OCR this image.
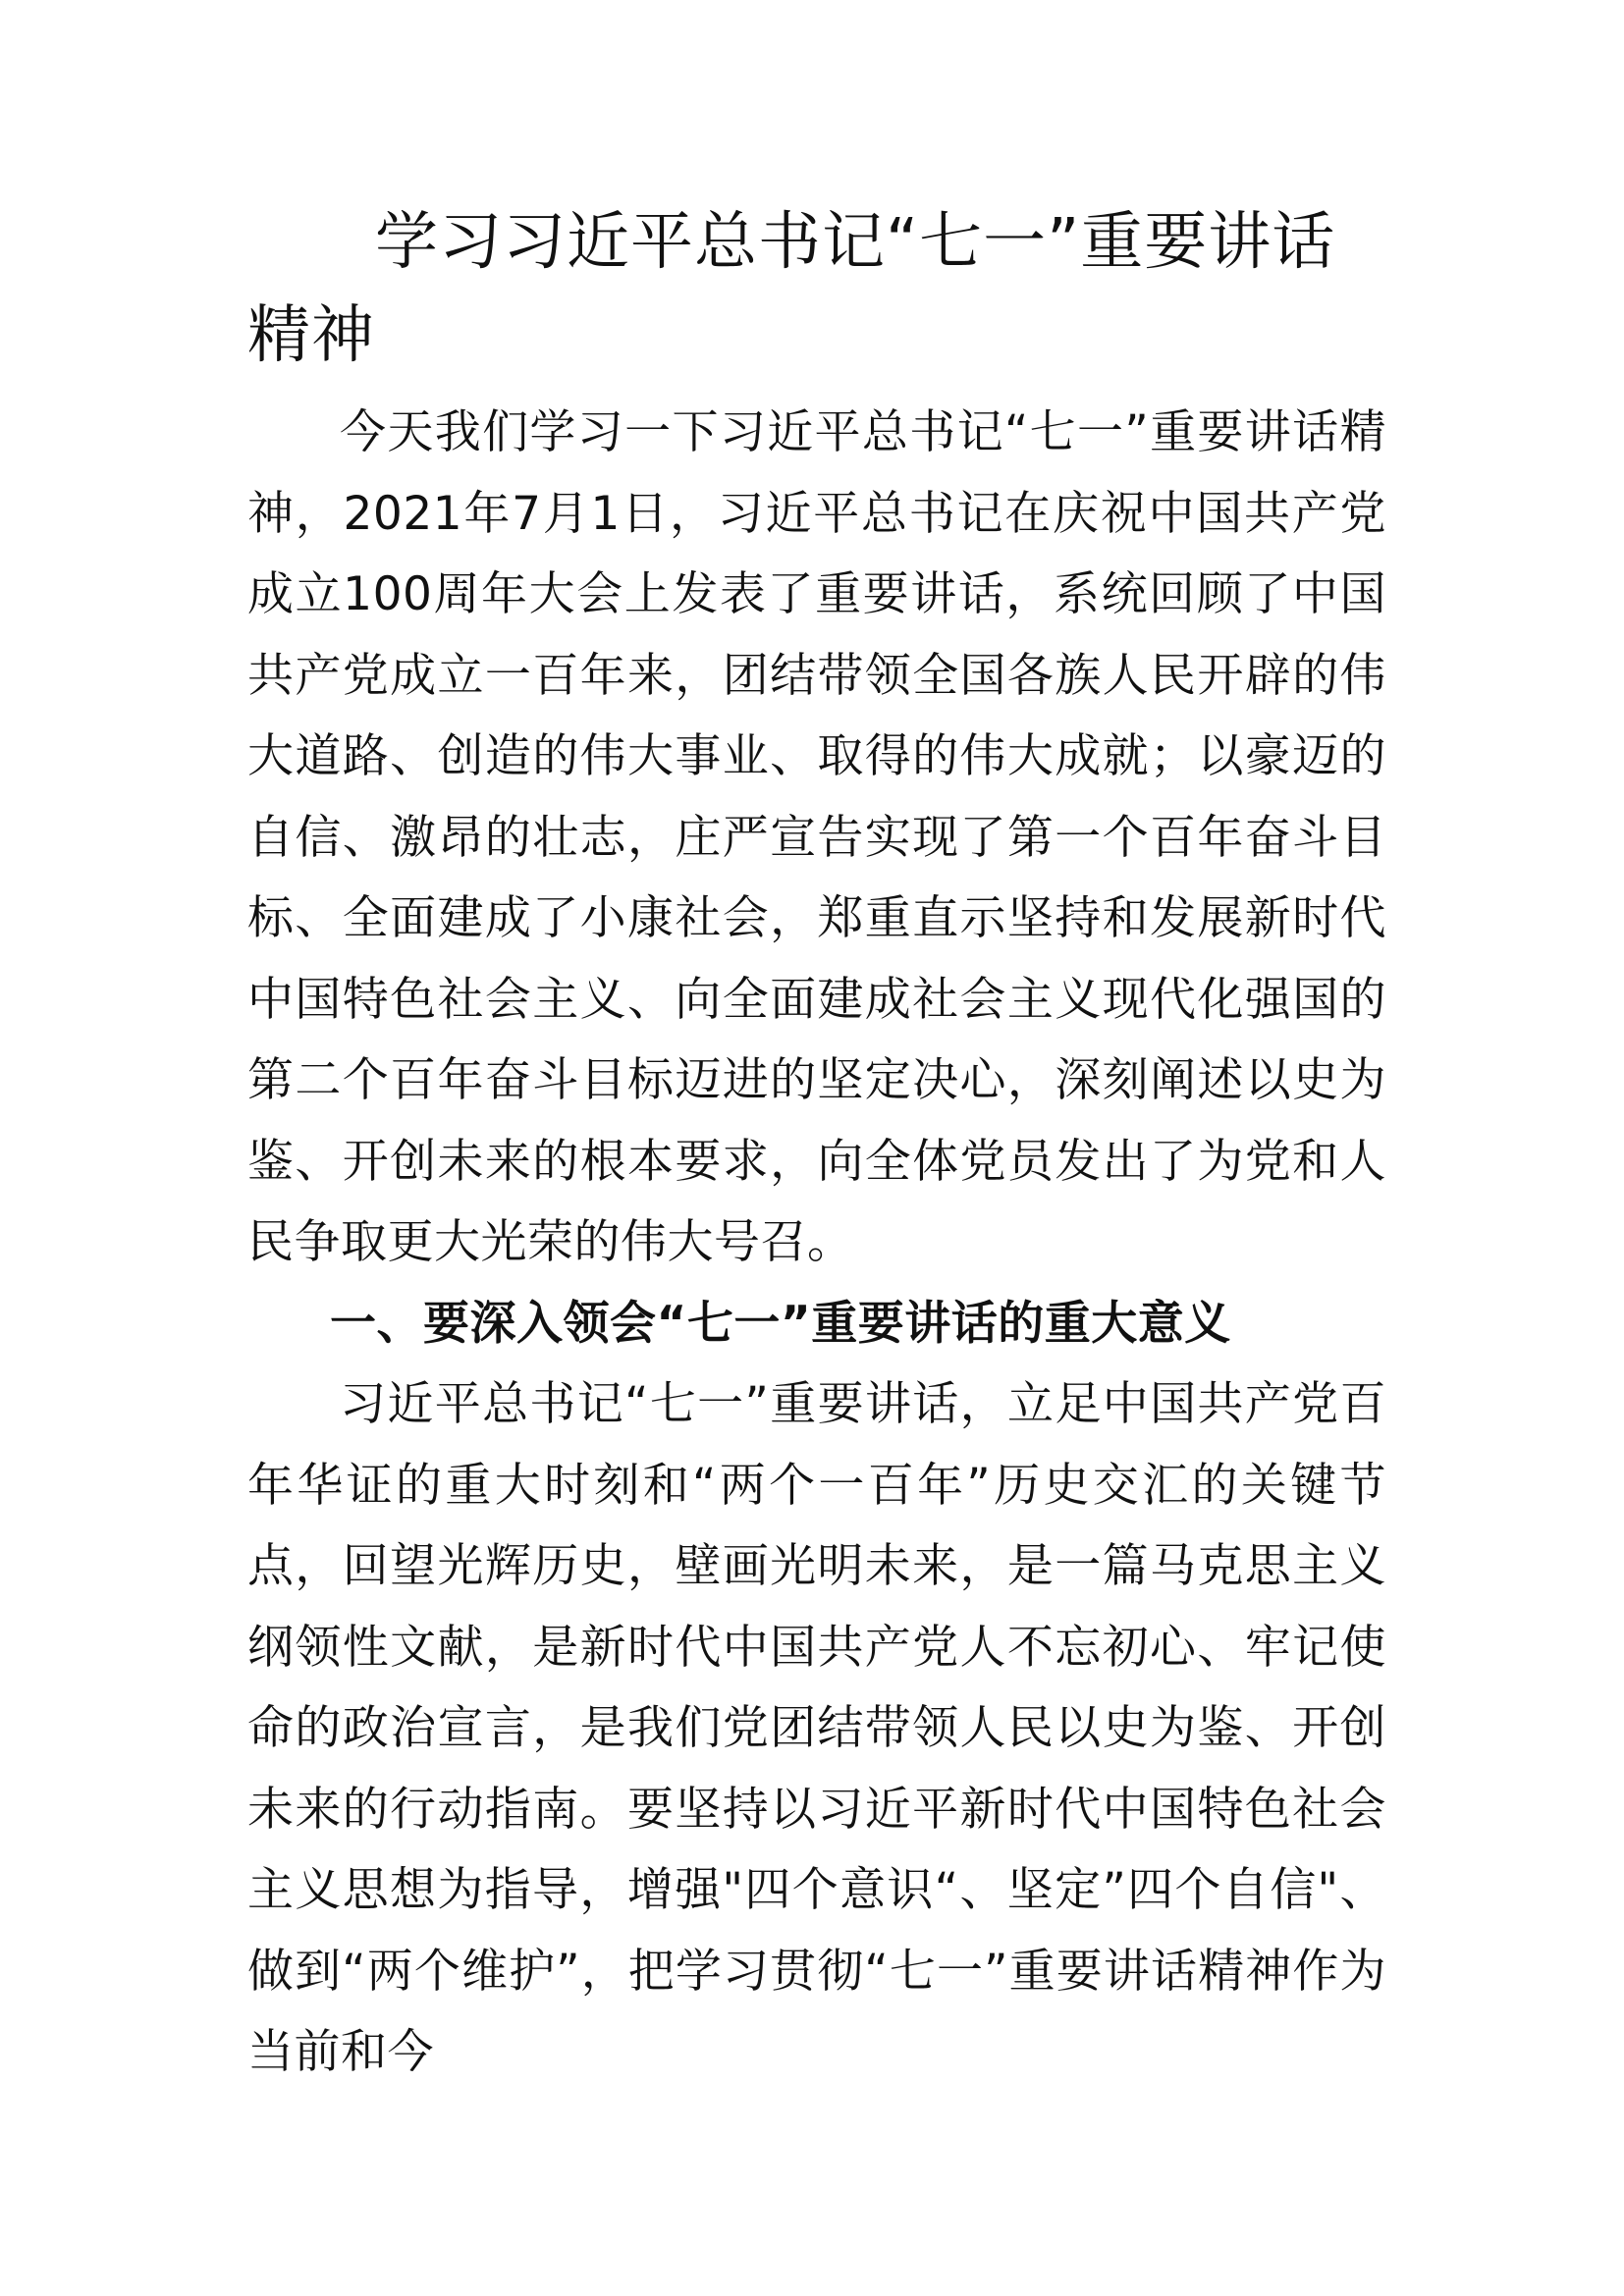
学习习近平总书记“七一”重要讲话精神

今天我们学习一下习近平总书记“七一”重要讲话精神，2021年7月1日，习近平总书记在庆祝中国共产党成立100周年大会上发表了重要讲话，系统回顾了中国共产党成立一百年来，团结带领全国各族人民开辟的伟大道路、创造的伟大事业、取得的伟大成就；以豪迈的自信、激昂的壮志，庄严宣告实现了第一个百年奋斗目标、全面建成了小康社会，郑重直示坚持和发展新时代中国特色社会主义、向全面建成社会主义现代化强国的第二个百年奋斗目标迈进的坚定决心，深刻阐述以史为鉴、开创未来的根本要求，向全体党员发出了为党和人民争取更大光荣的伟大号召。

一、要深入领会“七一”重要讲话的重大意义

习近平总书记“七一”重要讲话，立足中国共产党百年华证的重大时刻和“两个一百年”历史交汇的关键节点，回望光辉历史，壁画光明未来，是一篇马克思主义纲领性文献，是新时代中国共产党人不忘初心、牢记使命的政治宣言，是我们党团结带领人民以史为鉴、开创未来的行动指南。要坚持以习近平新时代中国特色社会主义思想为指导，增强"四个意识“、坚定”四个自信"、做到“两个维护”，把学习贯彻“七一”重要讲话精神作为当前和今
